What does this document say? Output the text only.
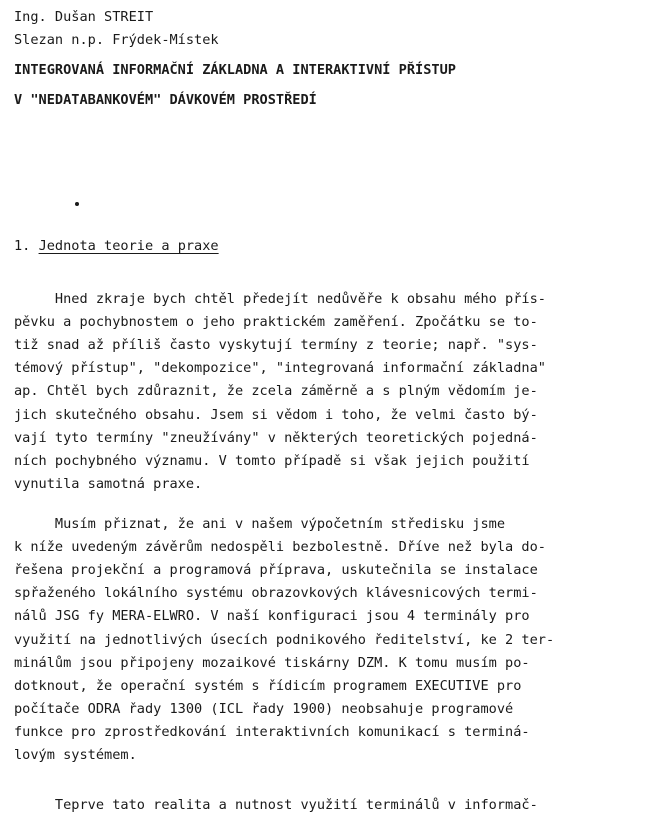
Ing. Dušan STREIT
Slezan n.p. Frýdek-Místek
INTEGROVANÁ INFORMAČNÍ ZÁKLADNA A INTERAKTIVNÍ PŘÍSTUP
V "NEDATABANKOVÉM" DÁVKOVÉM PROSTŘEDÍ
1. Jednota teorie a praxe
Hned zkraje bych chtěl předejít nedůvěře k obsahu mého přís-
pěvku a pochybnostem o jeho praktickém zaměření. Zpočátku se to-
tiž snad až příliš často vyskytují termíny z teorie; např. "sys-
témový přístup", "dekompozice", "integrovaná informační základna"
ap. Chtěl bych zdůraznit, že zcela záměrně a s plným vědomím je-
jich skutečného obsahu. Jsem si vědom i toho, že velmi často bý-
vají tyto termíny "zneužívány" v některých teoretických pojedná-
ních pochybného významu. V tomto případě si však jejich použití
vynutila samotná praxe.
Musím přiznat, že ani v našem výpočetním středisku jsme
k níže uvedeným závěrům nedospěli bezbolestně. Dříve než byla do-
řešena projekční a programová příprava, uskutečnila se instalace
spřaženého lokálního systému obrazovkových klávesnicových termi-
nálů JSG fy MERA-ELWRO. V naší konfiguraci jsou 4 terminály pro
využití na jednotlivých úsecích podnikového ředitelství, ke 2 ter-
minálům jsou připojeny mozaikové tiskárny DZM. K tomu musím po-
dotknout, že operační systém s řídicím programem EXECUTIVE pro
počítače ODRA řady 1300 (ICL řady 1900) neobsahuje programové
funkce pro zprostředkování interaktivních komunikací s terminá-
lovým systémem.
Teprve tato realita a nutnost využití terminálů v informač-
